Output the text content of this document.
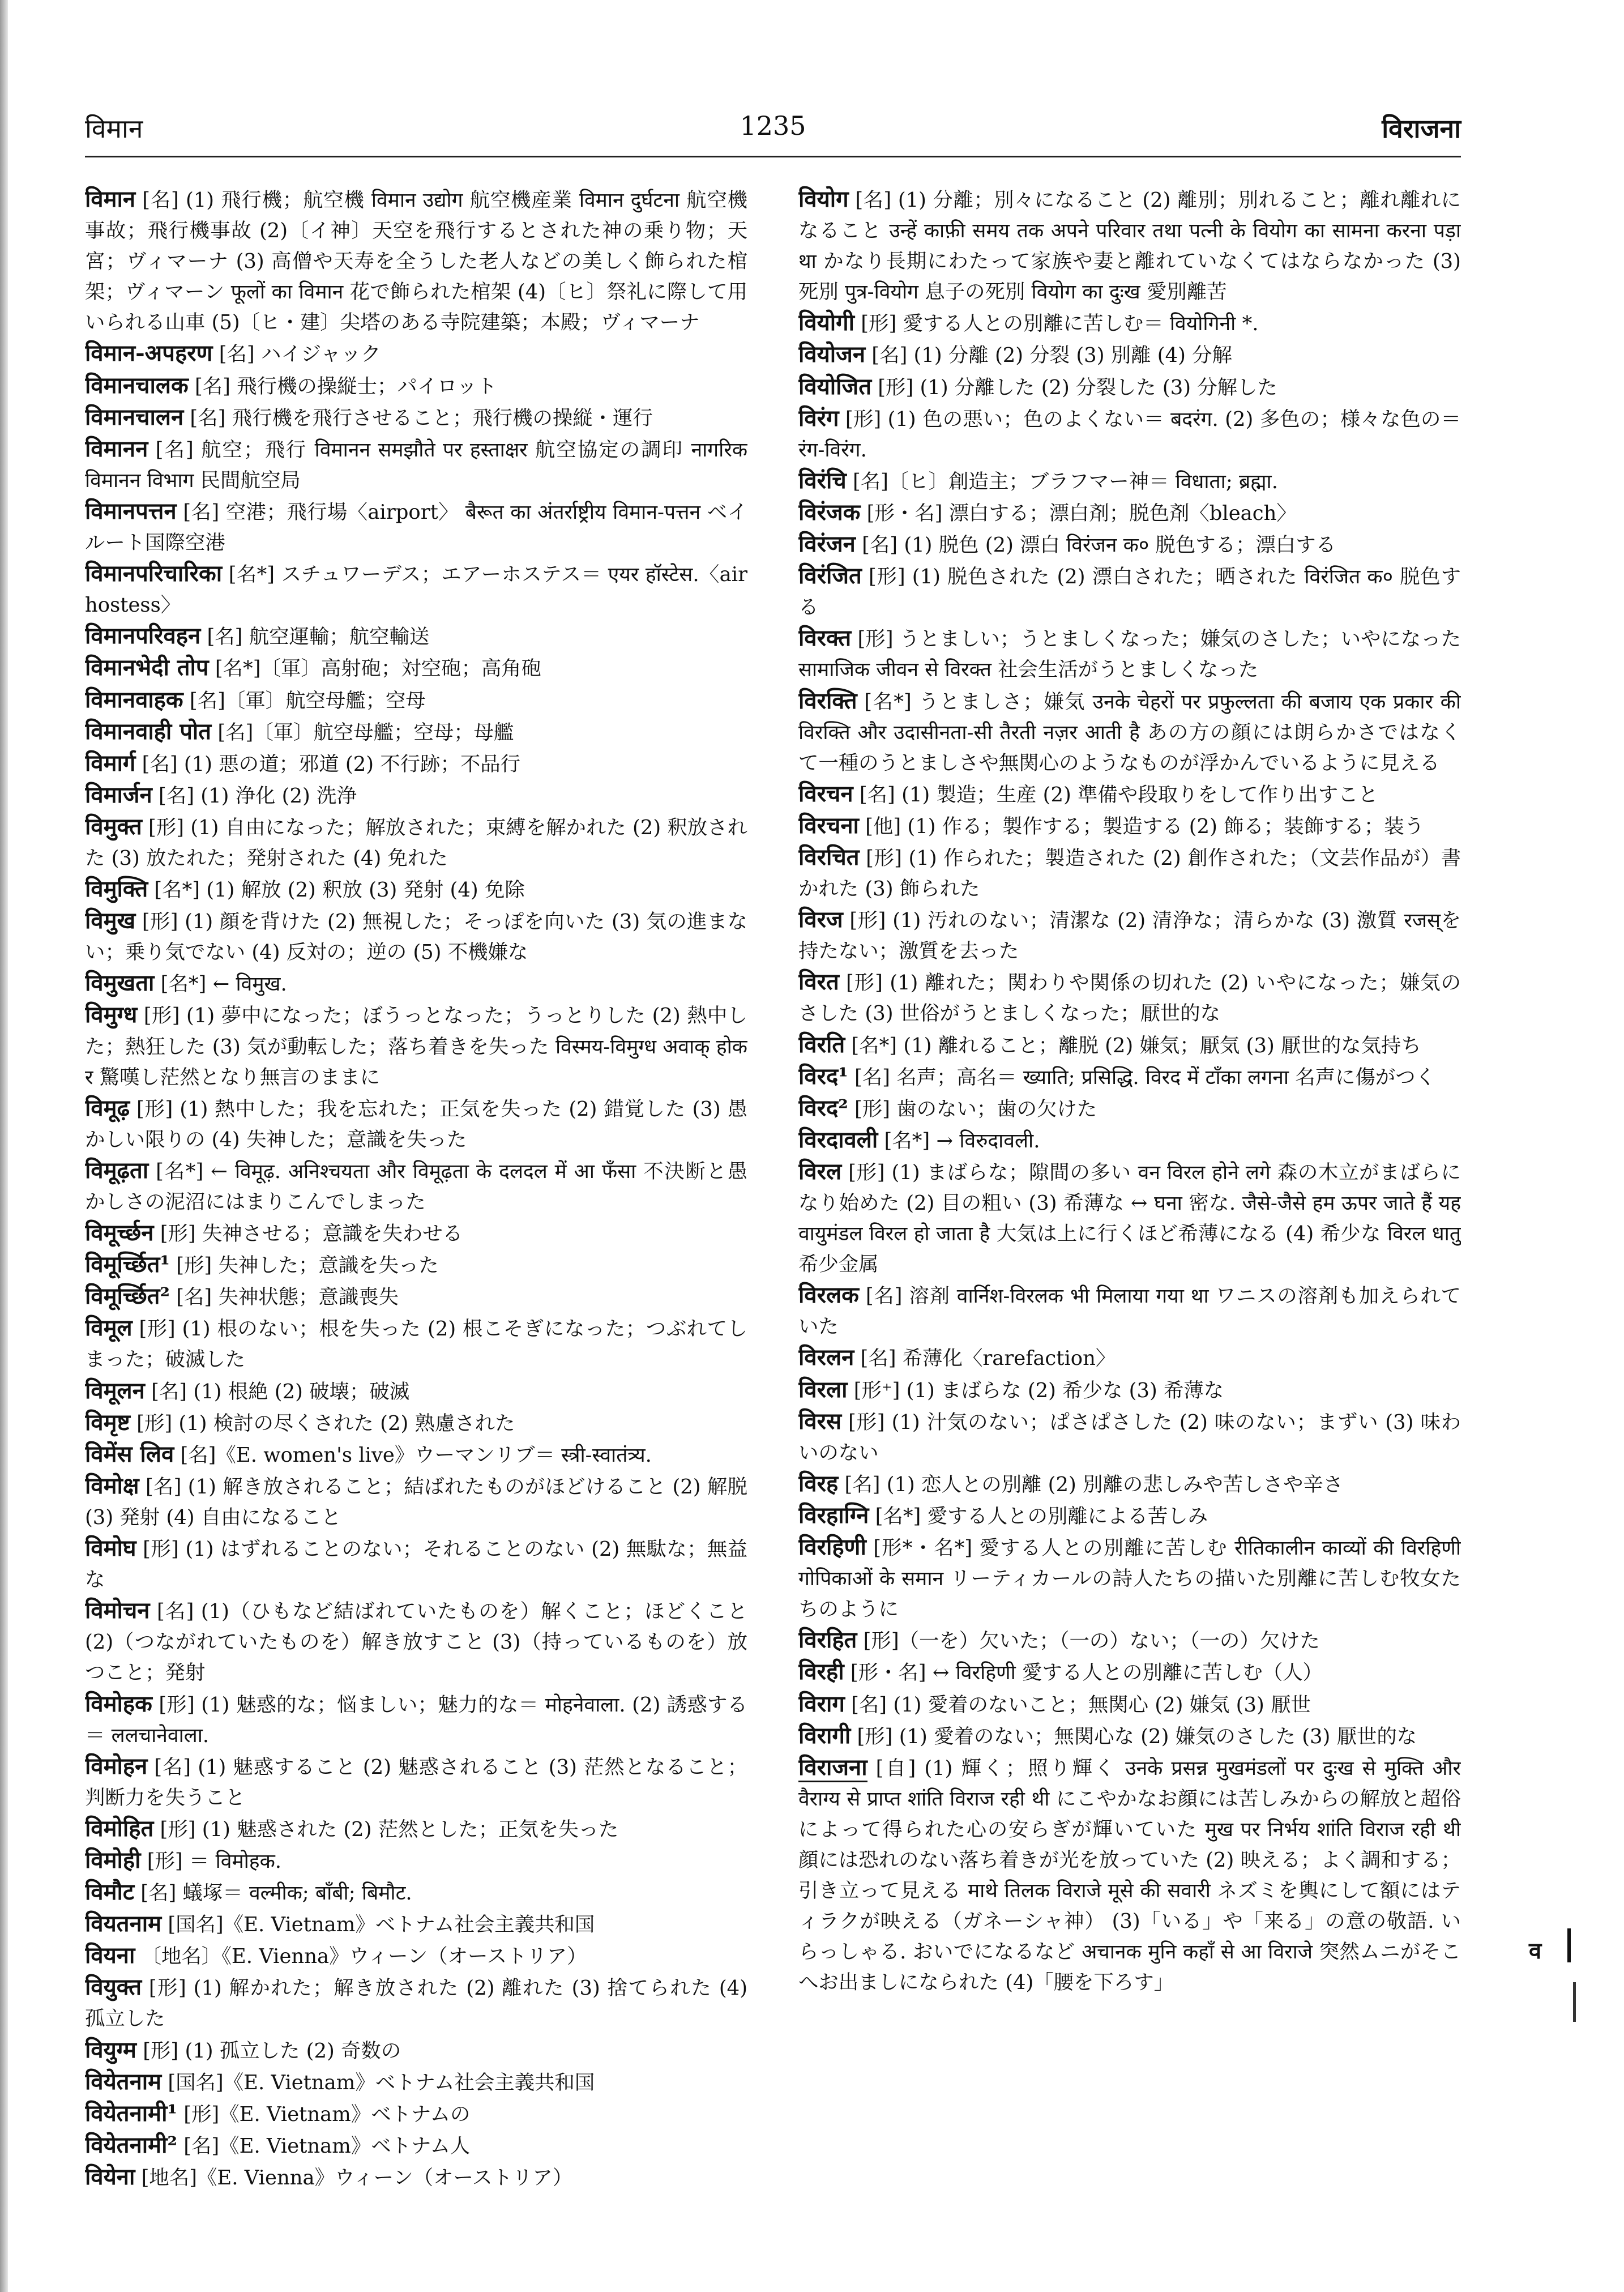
विमान	1235	विराजना

विमान [名] (1) 飛行機；航空機 विमान उद्योग 航空機産業 विमान दुर्घटना 航空機事故；飛行機事故 (2)〔イ神〕天空を飛行するとされた神の乗り物；天宮；ヴィマーナ (3) 高僧や天寿を全うした老人などの美しく飾られた棺架；ヴィマーン फूलों का विमान 花で飾られた棺架 (4)〔ヒ〕祭礼に際して用いられる山車 (5)〔ヒ・建〕尖塔のある寺院建築；本殿；ヴィマーナ

विमान-अपहरण [名] ハイジャック

विमानचालक [名] 飛行機の操縦士；パイロット

विमानचालन [名] 飛行機を飛行させること；飛行機の操縦・運行

विमानन [名] 航空；飛行 विमानन समझौते पर हस्ताक्षर 航空協定の調印 नागरिक विमानन विभाग 民間航空局

विमानपत्तन [名] 空港；飛行場〈airport〉 बैरूत का अंतर्राष्ट्रीय विमान-पत्तन ベイルート国際空港

विमानपरिचारिका [名*] スチュワーデス；エアーホステス＝ एयर हॉस्टेस.〈air hostess〉

विमानपरिवहन [名] 航空運輸；航空輸送

विमानभेदी तोप [名*]〔軍〕高射砲；対空砲；高角砲

विमानवाहक [名]〔軍〕航空母艦；空母

विमानवाही पोत [名]〔軍〕航空母艦；空母；母艦

विमार्ग [名] (1) 悪の道；邪道 (2) 不行跡；不品行

विमार्जन [名] (1) 浄化 (2) 洗浄

विमुक्त [形] (1) 自由になった；解放された；束縛を解かれた (2) 釈放された (3) 放たれた；発射された (4) 免れた

विमुक्ति [名*] (1) 解放 (2) 釈放 (3) 発射 (4) 免除

विमुख [形] (1) 顔を背けた (2) 無視した；そっぽを向いた (3) 気の進まない；乗り気でない (4) 反対の；逆の (5) 不機嫌な

विमुखता [名*] ← विमुख.

विमुग्ध [形] (1) 夢中になった；ぼうっとなった；うっとりした (2) 熱中した；熱狂した (3) 気が動転した；落ち着きを失った विस्मय-विमुग्ध अवाक् होकर 驚嘆し茫然となり無言のままに

विमूढ़ [形] (1) 熱中した；我を忘れた；正気を失った (2) 錯覚した (3) 愚かしい限りの (4) 失神した；意識を失った

विमूढ़ता [名*] ← विमूढ़. अनिश्चयता और विमूढ़ता के दलदल में आ फँसा 不決断と愚かしさの泥沼にはまりこんでしまった

विमूर्च्छन [形] 失神させる；意識を失わせる

विमूर्च्छित¹ [形] 失神した；意識を失った

विमूर्च्छित² [名] 失神状態；意識喪失

विमूल [形] (1) 根のない；根を失った (2) 根こそぎになった；つぶれてしまった；破滅した

विमूलन [名] (1) 根絶 (2) 破壊；破滅

विमृष्ट [形] (1) 検討の尽くされた (2) 熟慮された

विमेंस लिव [名]《E. women's live》ウーマンリブ＝ स्त्री-स्वातंत्र्य.

विमोक्ष [名] (1) 解き放されること；結ばれたものがほどけること (2) 解脱 (3) 発射 (4) 自由になること

विमोघ [形] (1) はずれることのない；それることのない (2) 無駄な；無益な

विमोचन [名] (1)（ひもなど結ばれていたものを）解くこと；ほどくこと (2)（つながれていたものを）解き放すこと (3)（持っているものを）放つこと；発射

विमोहक [形] (1) 魅惑的な；悩ましい；魅力的な＝ मोहनेवाला. (2) 誘惑する＝ ललचानेवाला.

विमोहन [名] (1) 魅惑すること (2) 魅惑されること (3) 茫然となること；判断力を失うこと

विमोहित [形] (1) 魅惑された (2) 茫然とした；正気を失った

विमोही [形] ＝ विमोहक.

विमौट [名] 蟻塚＝ वल्मीक; बाँबी; बिमौट.

वियतनाम [国名]《E. Vietnam》ベトナム社会主義共和国

वियना 〔地名〕《E. Vienna》ウィーン（オーストリア）

वियुक्त [形] (1) 解かれた；解き放された (2) 離れた (3) 捨てられた (4) 孤立した

वियुग्म [形] (1) 孤立した (2) 奇数の

वियेतनाम [国名]《E. Vietnam》ベトナム社会主義共和国

वियेतनामी¹ [形]《E. Vietnam》ベトナムの

वियेतनामी² [名]《E. Vietnam》ベトナム人

वियेना [地名]《E. Vienna》ウィーン（オーストリア）

वियोग [名] (1) 分離；別々になること (2) 離別；別れること；離れ離れになること उन्हें काफ़ी समय तक अपने परिवार तथा पत्नी के वियोग का सामना करना पड़ा था かなり長期にわたって家族や妻と離れていなくてはならなかった (3) 死別 पुत्र-वियोग 息子の死別 वियोग का दुःख 愛別離苦

वियोगी [形] 愛する人との別離に苦しむ＝ वियोगिनी *.

वियोजन [名] (1) 分離 (2) 分裂 (3) 別離 (4) 分解

वियोजित [形] (1) 分離した (2) 分裂した (3) 分解した

विरंग [形] (1) 色の悪い；色のよくない＝ बदरंग. (2) 多色の；様々な色の＝ रंग-विरंग.

विरंचि [名]〔ヒ〕創造主；ブラフマー神＝ विधाता; ब्रह्मा.

विरंजक [形・名] 漂白する；漂白剤；脱色剤〈bleach〉

विरंजन [名] (1) 脱色 (2) 漂白 विरंजन क० 脱色する；漂白する

विरंजित [形] (1) 脱色された (2) 漂白された；晒された विरंजित क० 脱色する

विरक्त [形] うとましい；うとましくなった；嫌気のさした；いやになった सामाजिक जीवन से विरक्त 社会生活がうとましくなった

विरक्ति [名*] うとましさ；嫌気 उनके चेहरों पर प्रफुल्लता की बजाय एक प्रकार की विरक्ति और उदासीनता-सी तैरती नज़र आती है あの方の顔には朗らかさではなくて一種のうとましさや無関心のようなものが浮かんでいるように見える

विरचन [名] (1) 製造；生産 (2) 準備や段取りをして作り出すこと

विरचना [他] (1) 作る；製作する；製造する (2) 飾る；装飾する；装う

विरचित [形] (1) 作られた；製造された (2) 創作された；（文芸作品が）書かれた (3) 飾られた

विरज [形] (1) 汚れのない；清潔な (2) 清浄な；清らかな (3) 激質 रजस्を持たない；激質を去った

विरत [形] (1) 離れた；関わりや関係の切れた (2) いやになった；嫌気のさした (3) 世俗がうとましくなった；厭世的な

विरति [名*] (1) 離れること；離脱 (2) 嫌気；厭気 (3) 厭世的な気持ち

विरद¹ [名] 名声；高名＝ ख्याति; प्रसिद्धि. विरद में टाँका लगना 名声に傷がつく

विरद² [形] 歯のない；歯の欠けた

विरदावली [名*] → विरुदावली.

विरल [形] (1) まばらな；隙間の多い वन विरल होने लगे 森の木立がまばらになり始めた (2) 目の粗い (3) 希薄な ↔ घना 密な. जैसे-जैसे हम ऊपर जाते हैं यह वायुमंडल विरल हो जाता है 大気は上に行くほど希薄になる (4) 希少な विरल धातु 希少金属

विरलक [名] 溶剤 वार्निश-विरलक भी मिलाया गया था ワニスの溶剤も加えられていた

विरलन [名] 希薄化〈rarefaction〉

विरला [形⁺] (1) まばらな (2) 希少な (3) 希薄な

विरस [形] (1) 汁気のない；ぱさぱさした (2) 味のない；まずい (3) 味わいのない

विरह [名] (1) 恋人との別離 (2) 別離の悲しみや苦しさや辛さ

विरहाग्नि [名*] 愛する人との別離による苦しみ

विरहिणी [形*・名*] 愛する人との別離に苦しむ रीतिकालीन काव्यों की विरहिणी गोपिकाओं के समान リーティカールの詩人たちの描いた別離に苦しむ牧女たちのように

विरहित [形]（一を）欠いた；（一の）ない；（一の）欠けた

विरही [形・名] ↔ विरहिणी 愛する人との別離に苦しむ（人）

विराग [名] (1) 愛着のないこと；無関心 (2) 嫌気 (3) 厭世

विरागी [形] (1) 愛着のない；無関心な (2) 嫌気のさした (3) 厭世的な

विराजना [自] (1) 輝く；照り輝く उनके प्रसन्न मुखमंडलों पर दुःख से मुक्ति और वैराग्य से प्राप्त शांति विराज रही थी にこやかなお顔には苦しみからの解放と超俗によって得られた心の安らぎが輝いていた मुख पर निर्भय शांति विराज रही थी 顔には恐れのない落ち着きが光を放っていた (2) 映える；よく調和する；引き立って見える माथे तिलक विराजे मूसे की सवारी ネズミを輿にして額にはティラクが映える（ガネーシャ神） (3)「いる」や「来る」の意の敬語. いらっしゃる. おいでになるなど अचानक मुनि कहाँ से आ विराजे 突然ムニがそこへお出ましになられた (4)「腰を下ろす」

व
